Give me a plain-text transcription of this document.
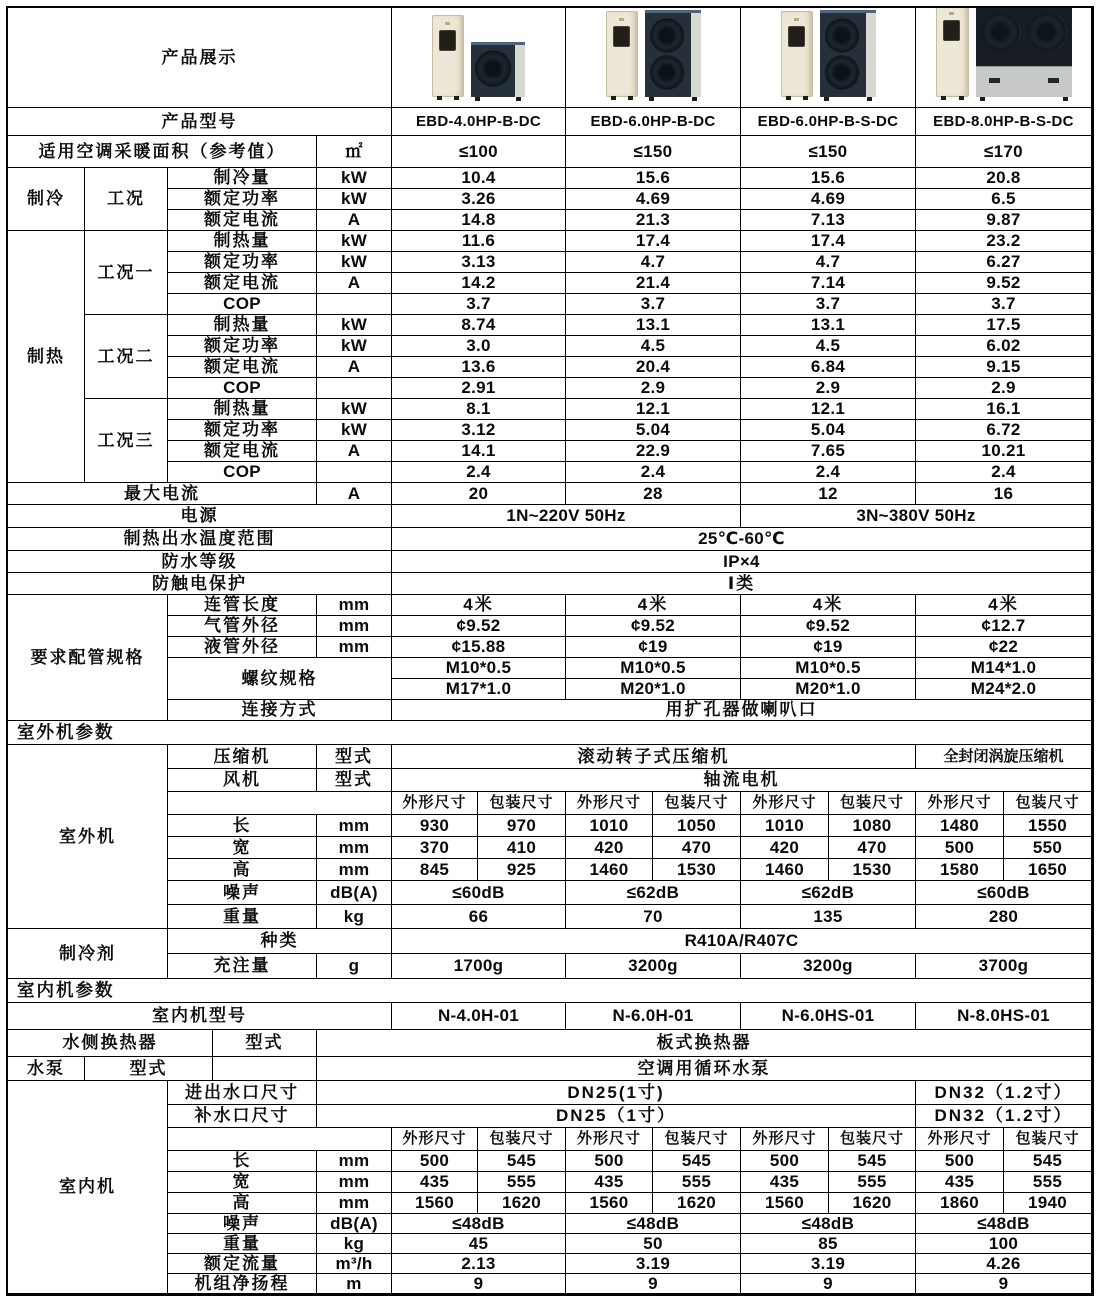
产品展示
产品型号	EBD-4.0HP-B-DC	EBD-6.0HP-B-DC	EBD-6.0HP-B-S-DC	EBD-8.0HP-B-S-DC
适用空调采暖面积（参考值）	㎡	≤100	≤150	≤150	≤170
制冷	工况
制冷量	kW	10.4	15.6	15.6	20.8
额定功率	kW	3.26	4.69	4.69	6.5
额定电流	A	14.8	21.3	7.13	9.87
制热
工况一
制热量	kW	11.6	17.4	17.4	23.2
额定功率	kW	3.13	4.7	4.7	6.27
额定电流	A	14.2	21.4	7.14	9.52
COP	3.7	3.7	3.7	3.7
工况二
制热量	kW	8.74	13.1	13.1	17.5
额定功率	kW	3.0	4.5	4.5	6.02
额定电流	A	13.6	20.4	6.84	9.15
COP	2.91	2.9	2.9	2.9
工况三
制热量	kW	8.1	12.1	12.1	16.1
额定功率	kW	3.12	5.04	5.04	6.72
额定电流	A	14.1	22.9	7.65	10.21
COP	2.4	2.4	2.4	2.4
最大电流	A	20	28	12	16
电源	1N~220V 50Hz	3N~380V 50Hz
制热出水温度范围	25℃-60℃
防水等级	IP×4
防触电保护	Ⅰ类
要求配管规格
连管长度	mm	4米	4米	4米	4米
气管外径	mm	¢9.52	¢9.52	¢9.52	¢12.7
液管外径	mm	¢15.88	¢19	¢19	¢22
螺纹规格
M10*0.5	M10*0.5	M10*0.5	M14*1.0
M17*1.0	M20*1.0	M20*1.0	M24*2.0
连接方式	用扩孔器做喇叭口
室外机参数
室外机
压缩机	型式	滚动转子式压缩机	全封闭涡旋压缩机
风机	型式	轴流电机
外形尺寸	包装尺寸	外形尺寸	包装尺寸	外形尺寸	包装尺寸	外形尺寸	包装尺寸
长	mm	930	970	1010	1050	1010	1080	1480	1550
宽	mm	370	410	420	470	420	470	500	550
高	mm	845	925	1460	1530	1460	1530	1580	1650
噪声	dB(A)	≤60dB	≤62dB	≤62dB	≤60dB
重量	kg	66	70	135	280
制冷剂
种类	R410A/R407C
充注量	g	1700g	3200g	3200g	3700g
室内机参数
室内机型号	N-4.0H-01	N-6.0H-01	N-6.0HS-01	N-8.0HS-01
水侧换热器	型式	板式换热器
水泵	型式	空调用循环水泵
室内机
进出水口尺寸	DN25(1寸)	DN32（1.2寸）
补水口尺寸	DN25（1寸）	DN32（1.2寸）
外形尺寸	包装尺寸	外形尺寸	包装尺寸	外形尺寸	包装尺寸	外形尺寸	包装尺寸
长	mm	500	545	500	545	500	545	500	545
宽	mm	435	555	435	555	435	555	435	555
高	mm	1560	1620	1560	1620	1560	1620	1860	1940
噪声	dB(A)	≤48dB	≤48dB	≤48dB	≤48dB
重量	kg	45	50	85	100
额定流量	m³/h	2.13	3.19	3.19	4.26
机组净扬程	m	9	9	9	9
